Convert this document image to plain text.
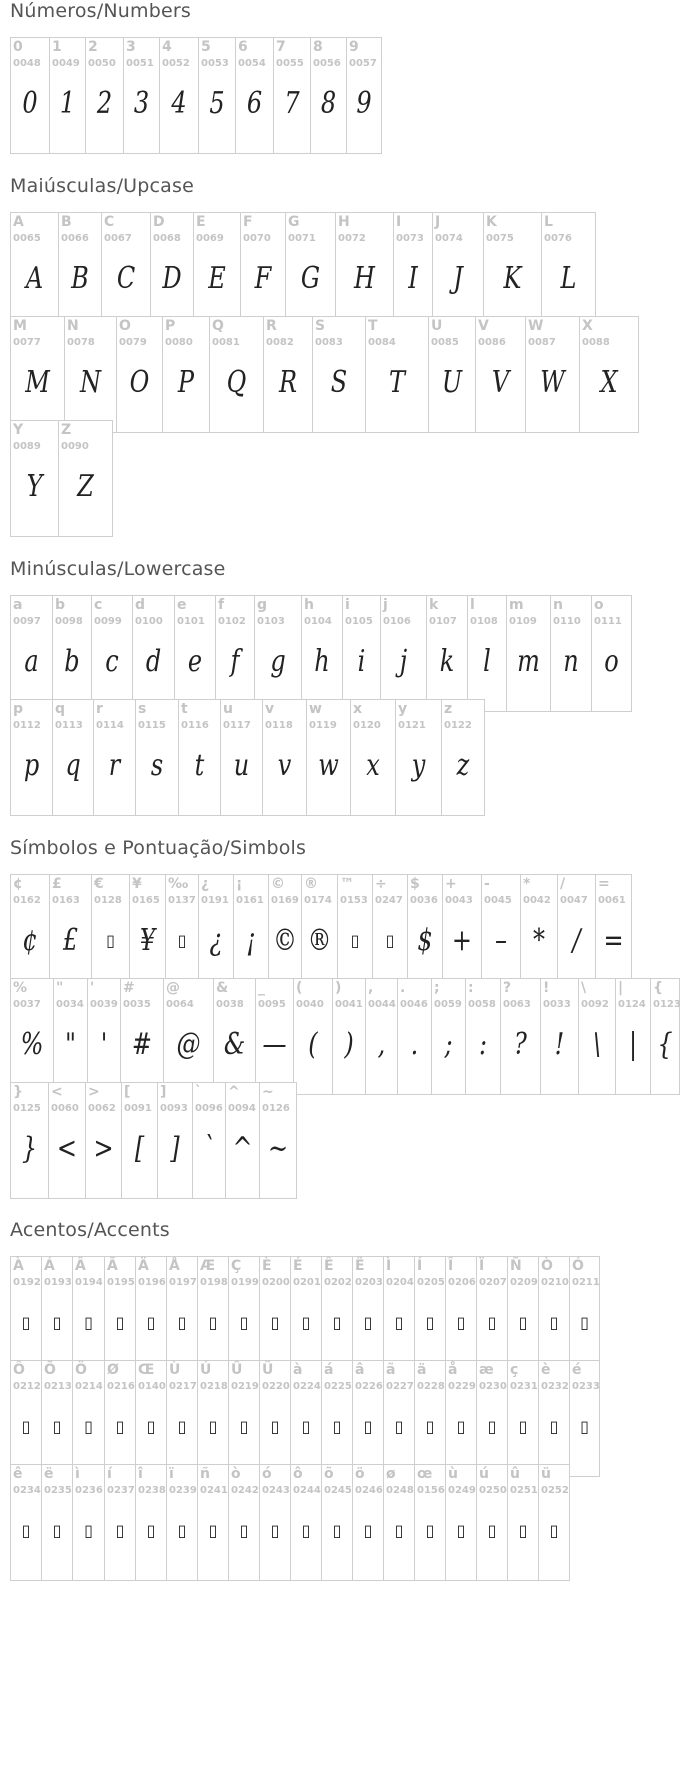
Números/Numbers
0
0048
0
1
0049
1
2
0050
2
3
0051
3
4
0052
4
5
0053
5
6
0054
6
7
0055
7
8
0056
8
9
0057
9
Maiúsculas/Upcase
A
0065
A
B
0066
B
C
0067
C
D
0068
D
E
0069
E
F
0070
F
G
0071
G
H
0072
H
I
0073
I
J
0074
J
K
0075
K
L
0076
L
M
0077
M
N
0078
N
O
0079
O
P
0080
P
Q
0081
Q
R
0082
R
S
0083
S
T
0084
T
U
0085
U
V
0086
V
W
0087
W
X
0088
X
Y
0089
Y
Z
0090
Z
Minúsculas/Lowercase
a
0097
a
b
0098
b
c
0099
c
d
0100
d
e
0101
e
f
0102
f
g
0103
g
h
0104
h
i
0105
i
j
0106
j
k
0107
k
l
0108
l
m
0109
m
n
0110
n
o
0111
o
p
0112
p
q
0113
q
r
0114
r
s
0115
s
t
0116
t
u
0117
u
v
0118
v
w
0119
w
x
0120
x
y
0121
y
z
0122
z
Símbolos e Pontuação/Simbols
¢
0162
¢
£
0163
£
€
0128
▯
¥
0165
¥
‰
0137
▯
¿
0191
¿
¡
0161
¡
©
0169
©
®
0174
®
™
0153
▯
÷
0247
▯
$
0036
$
+
0043
+
-
0045
–
*
0042
*
/
0047
/
=
0061
=
%
0037
%
"
0034
"
'
0039
'
#
0035
#
@
0064
@
&
0038
&
_
0095
—
(
0040
(
)
0041
)
,
0044
,
.
0046
.
;
0059
;
:
0058
:
?
0063
?
!
0033
!
\
0092
\
|
0124
|
{
0123
{
}
0125
}
<
0060
<
>
0062
>
[
0091
[
]
0093
]
`
0096
`
^
0094
^
~
0126
~
Acentos/Accents
À
0192
▯
Á
0193
▯
Â
0194
▯
Ã
0195
▯
Ä
0196
▯
Å
0197
▯
Æ
0198
▯
Ç
0199
▯
È
0200
▯
É
0201
▯
Ê
0202
▯
Ë
0203
▯
Ì
0204
▯
Í
0205
▯
Î
0206
▯
Ï
0207
▯
Ñ
0209
▯
Ò
0210
▯
Ó
0211
▯
Ô
0212
▯
Õ
0213
▯
Ö
0214
▯
Ø
0216
▯
Œ
0140
▯
Ù
0217
▯
Ú
0218
▯
Û
0219
▯
Ü
0220
▯
à
0224
▯
á
0225
▯
â
0226
▯
ã
0227
▯
ä
0228
▯
å
0229
▯
æ
0230
▯
ç
0231
▯
è
0232
▯
é
0233
▯
ê
0234
▯
ë
0235
▯
ì
0236
▯
í
0237
▯
î
0238
▯
ï
0239
▯
ñ
0241
▯
ò
0242
▯
ó
0243
▯
ô
0244
▯
õ
0245
▯
ö
0246
▯
ø
0248
▯
œ
0156
▯
ù
0249
▯
ú
0250
▯
û
0251
▯
ü
0252
▯
